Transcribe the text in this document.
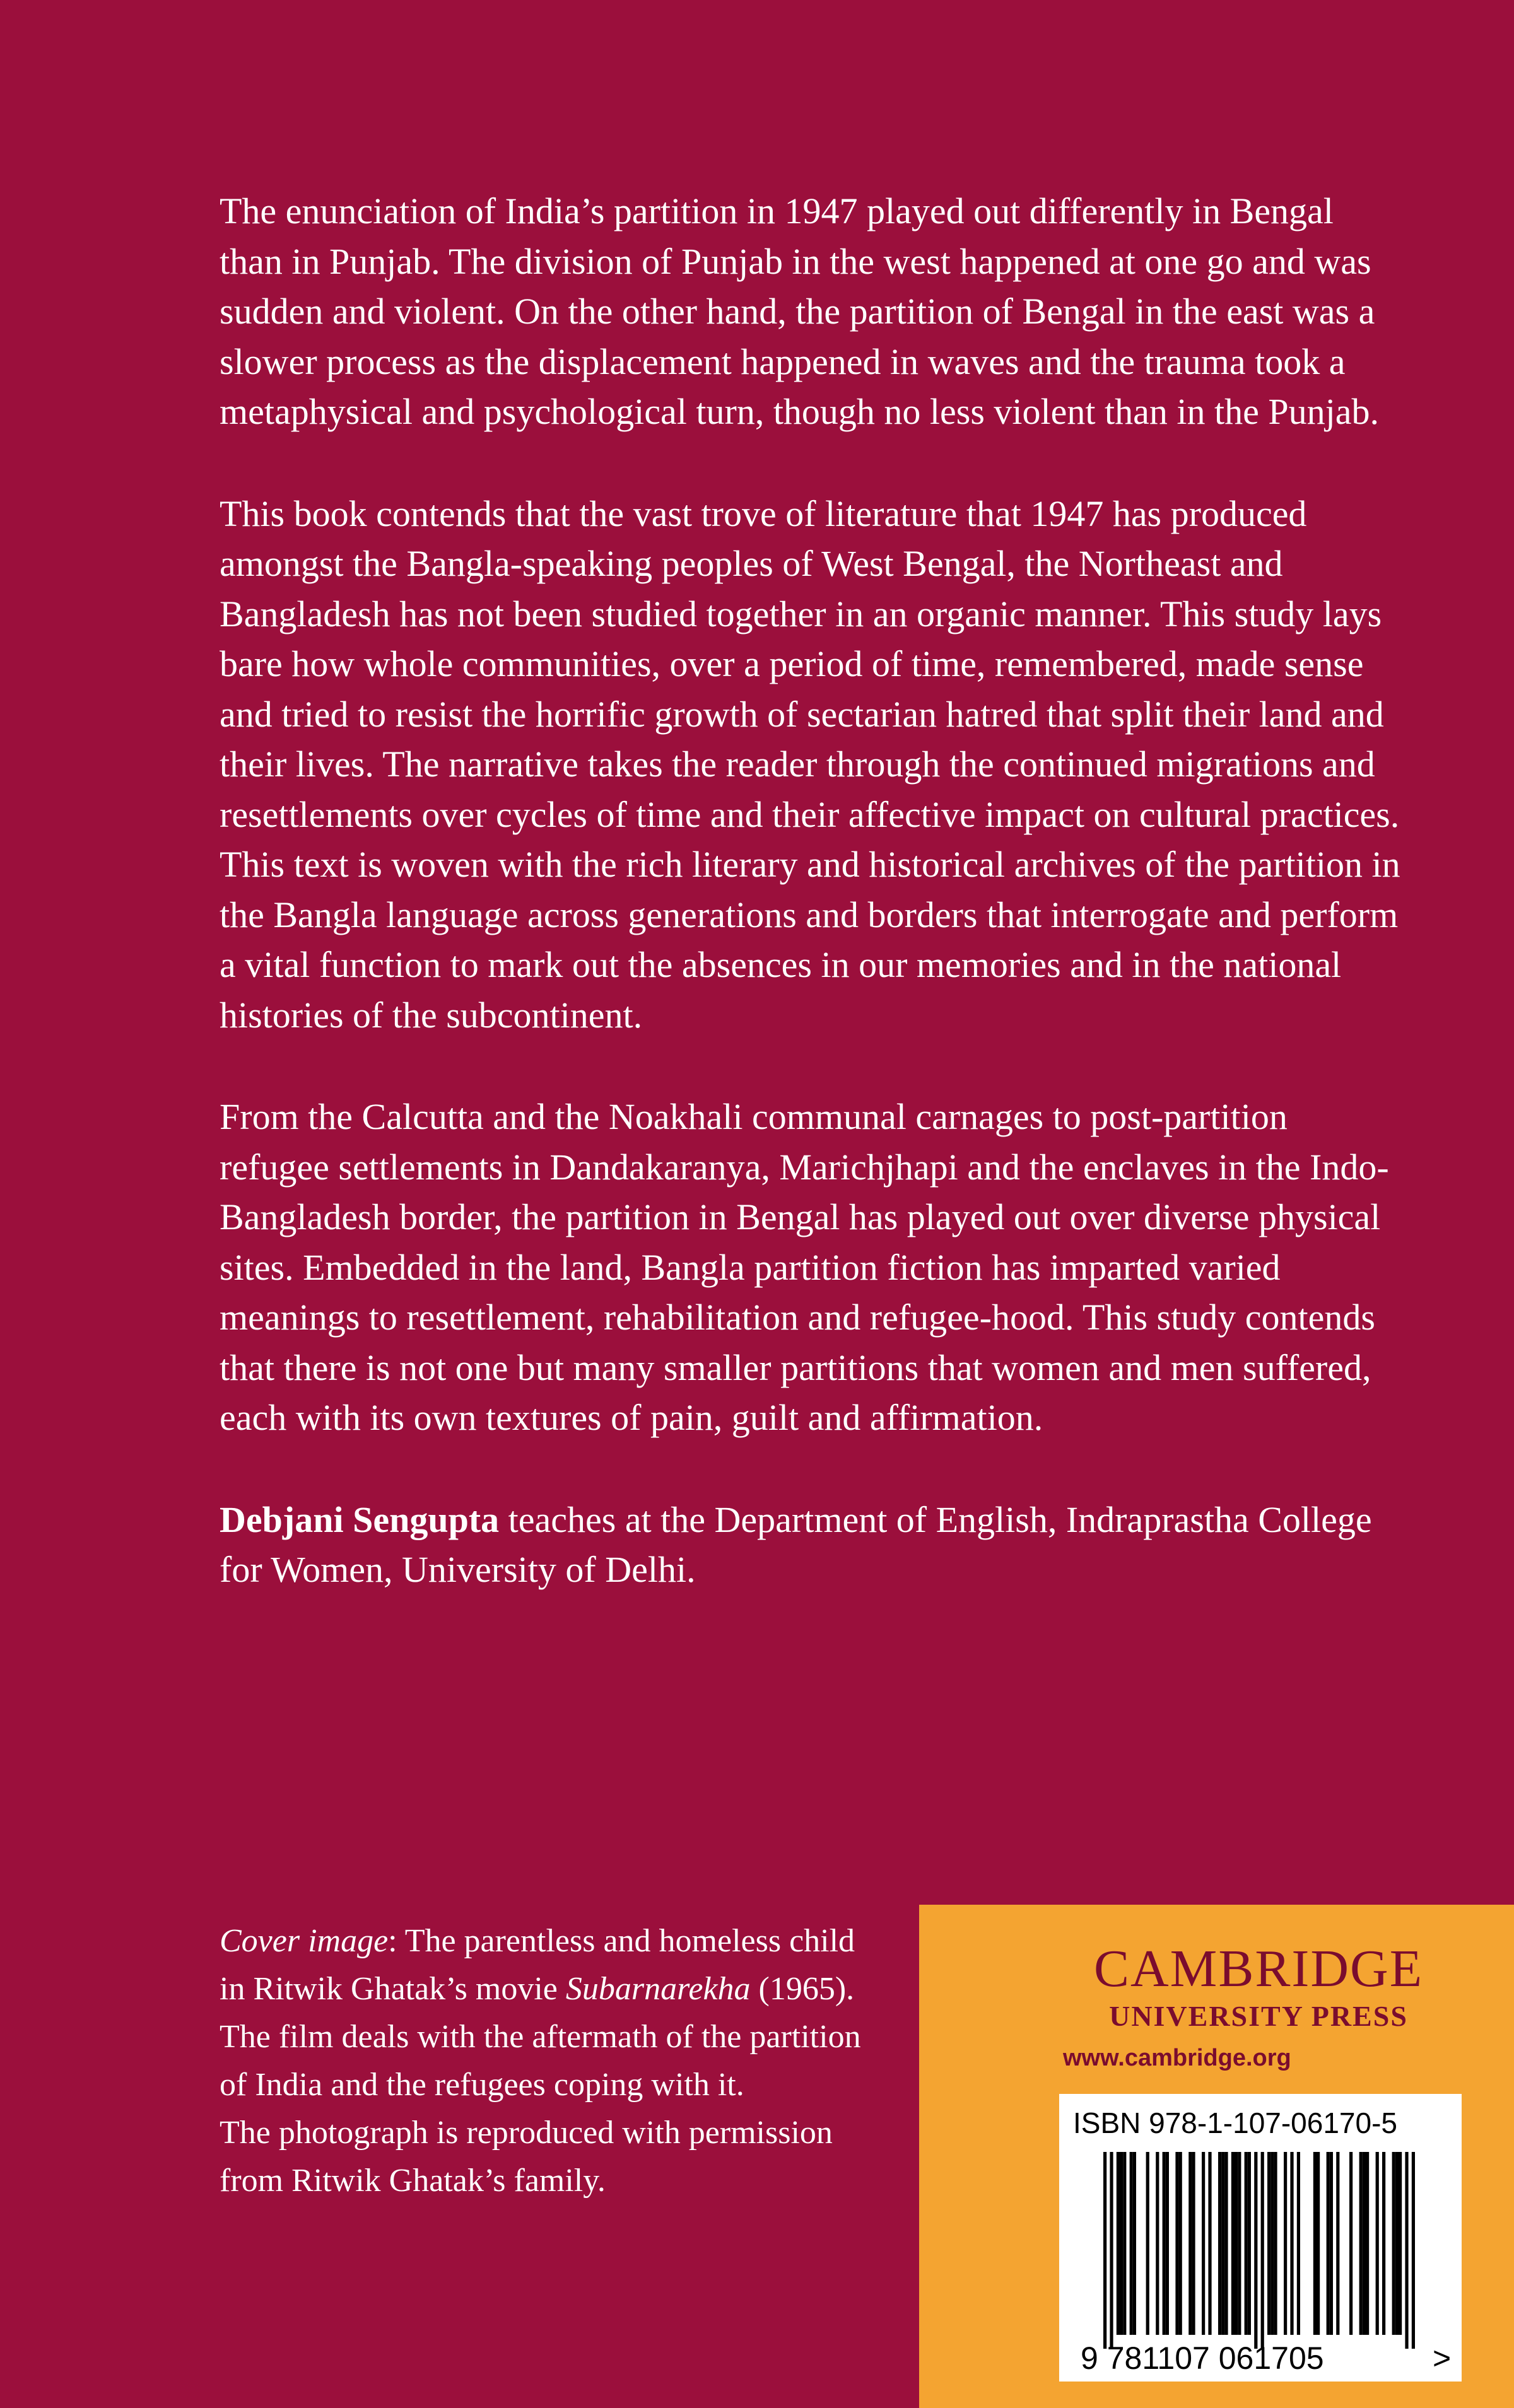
The enunciation of India’s partition in 1947 played out differently in Bengal than in Punjab. The division of Punjab in the west happened at one go and was sudden and violent. On the other hand, the partition of Bengal in the east was a slower process as the displacement happened in waves and the trauma took a metaphysical and psychological turn, though no less violent than in the Punjab.

This book contends that the vast trove of literature that 1947 has produced amongst the Bangla-speaking peoples of West Bengal, the Northeast and Bangladesh has not been studied together in an organic manner. This study lays bare how whole communities, over a period of time, remembered, made sense and tried to resist the horrific growth of sectarian hatred that split their land and their lives. The narrative takes the reader through the continued migrations and resettlements over cycles of time and their affective impact on cultural practices. This text is woven with the rich literary and historical archives of the partition in the Bangla language across generations and borders that interrogate and perform a vital function to mark out the absences in our memories and in the national histories of the subcontinent.

From the Calcutta and the Noakhali communal carnages to post-partition refugee settlements in Dandakaranya, Marichjhapi and the enclaves in the Indo-Bangladesh border, the partition in Bengal has played out over diverse physical sites. Embedded in the land, Bangla partition fiction has imparted varied meanings to resettlement, rehabilitation and refugee-hood. This study contends that there is not one but many smaller partitions that women and men suffered, each with its own textures of pain, guilt and affirmation.

Debjani Sengupta teaches at the Department of English, Indraprastha College for Women, University of Delhi.

Cover image: The parentless and homeless child in Ritwik Ghatak’s movie Subarnarekha (1965). The film deals with the aftermath of the partition of India and the refugees coping with it.

The photograph is reproduced with permission from Ritwik Ghatak’s family.

CAMBRIDGE
UNIVERSITY PRESS
www.cambridge.org
9 781107 061705	>
ISBN 978-1-107-06170-5
